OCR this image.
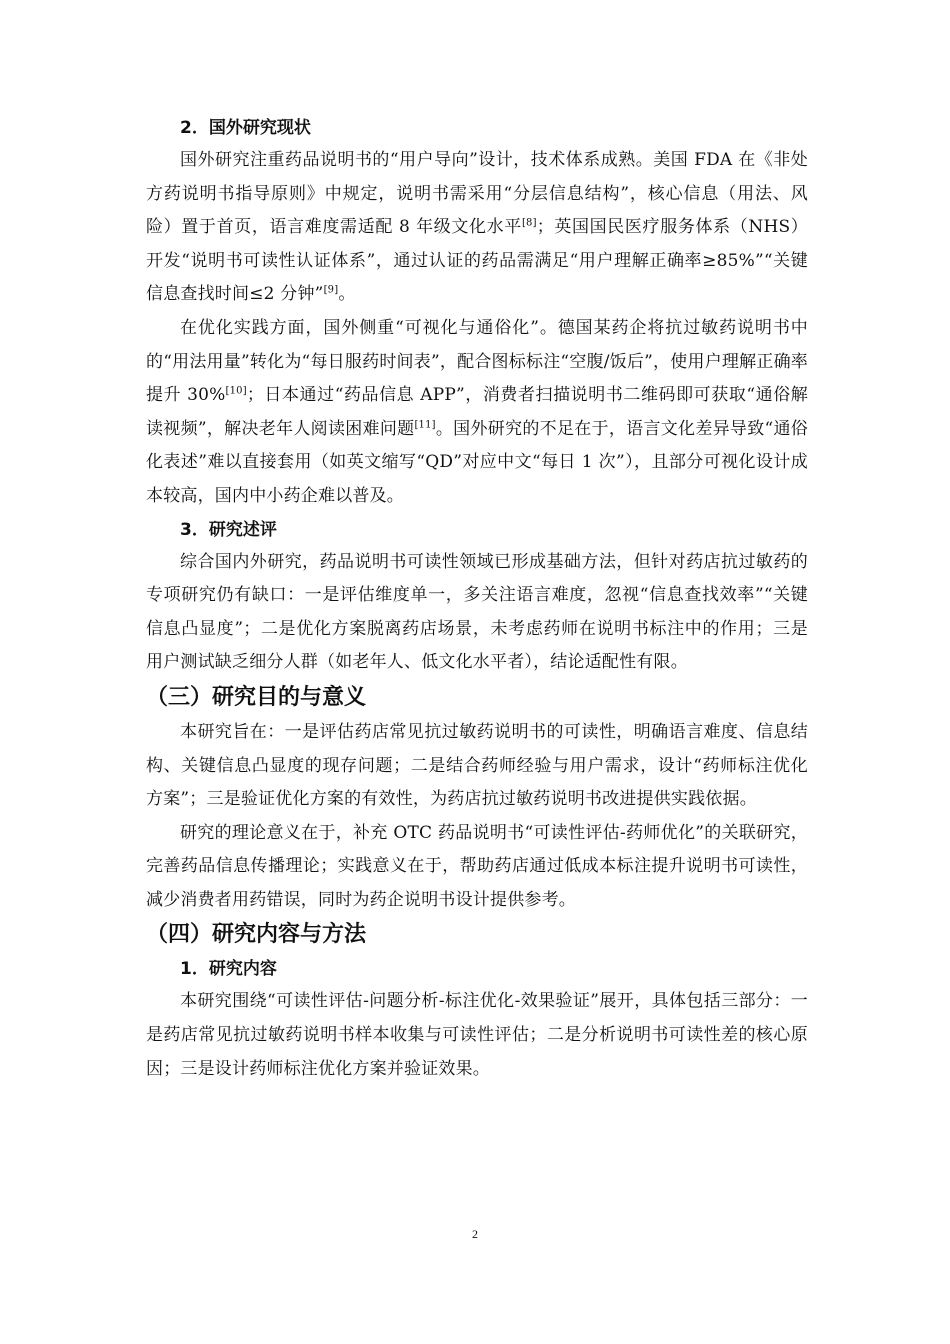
2．国外研究现状

国外研究注重药品说明书的“用户导向”设计，技术体系成熟。美国 FDA 在《非处方药说明书指导原则》中规定，说明书需采用“分层信息结构”，核心信息（用法、风险）置于首页，语言难度需适配 8 年级文化水平[8]；英国国民医疗服务体系（NHS）开发“说明书可读性认证体系”，通过认证的药品需满足“用户理解正确率≥85%”“关键信息查找时间≤2 分钟”[9]。

在优化实践方面，国外侧重“可视化与通俗化”。德国某药企将抗过敏药说明书中的“用法用量”转化为“每日服药时间表”，配合图标标注“空腹/饭后”，使用户理解正确率提升 30%[10]；日本通过“药品信息 APP”，消费者扫描说明书二维码即可获取“通俗解读视频”，解决老年人阅读困难问题[11]。国外研究的不足在于，语言文化差异导致“通俗化表述”难以直接套用（如英文缩写“QD”对应中文“每日 1 次”），且部分可视化设计成本较高，国内中小药企难以普及。

3．研究述评

综合国内外研究，药品说明书可读性领域已形成基础方法，但针对药店抗过敏药的专项研究仍有缺口：一是评估维度单一，多关注语言难度，忽视“信息查找效率”“关键信息凸显度”；二是优化方案脱离药店场景，未考虑药师在说明书标注中的作用；三是用户测试缺乏细分人群（如老年人、低文化水平者），结论适配性有限。

（三）研究目的与意义

本研究旨在：一是评估药店常见抗过敏药说明书的可读性，明确语言难度、信息结构、关键信息凸显度的现存问题；二是结合药师经验与用户需求，设计“药师标注优化方案”；三是验证优化方案的有效性，为药店抗过敏药说明书改进提供实践依据。

研究的理论意义在于，补充 OTC 药品说明书“可读性评估-药师优化”的关联研究，完善药品信息传播理论；实践意义在于，帮助药店通过低成本标注提升说明书可读性，减少消费者用药错误，同时为药企说明书设计提供参考。

（四）研究内容与方法
1．研究内容

本研究围绕“可读性评估-问题分析-标注优化-效果验证”展开，具体包括三部分：一是药店常见抗过敏药说明书样本收集与可读性评估；二是分析说明书可读性差的核心原因；三是设计药师标注优化方案并验证效果。

2
